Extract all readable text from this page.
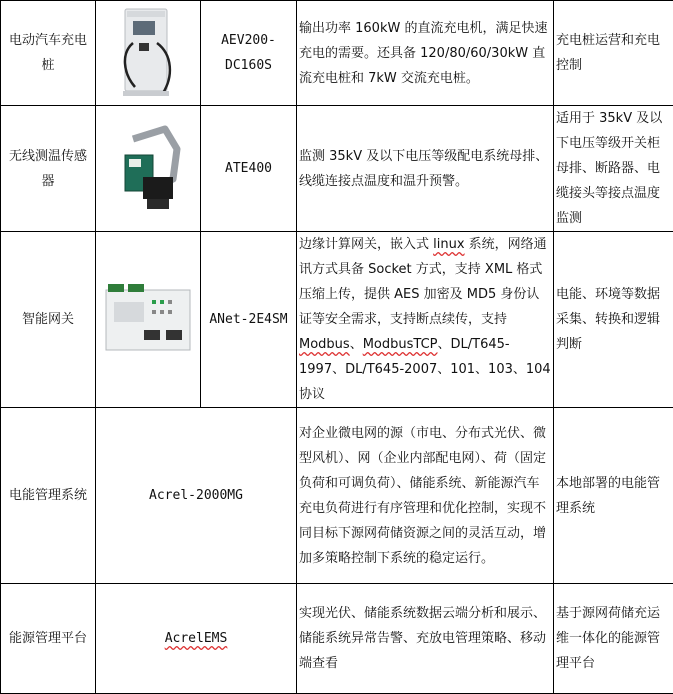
电动汽车充电桩		AEV200-DC160S	输出功率 160kW 的直流充电机，满足快速充电的需要。还具备 120/80/60/30kW 直流充电桩和 7kW 交流充电桩。	充电桩运营和充电控制
无线测温传感器		ATE400	监测 35kV 及以下电压等级配电系统母排、线缆连接点温度和温升预警。	适用于 35kV 及以下电压等级开关柜母排、断路器、电缆接头等接点温度监测
智能网关		ANet-2E4SM	边缘计算网关，嵌入式 linux 系统，网络通讯方式具备 Socket 方式，支持 XML 格式压缩上传，提供 AES 加密及 MD5 身份认证等安全需求，支持断点续传，支持 Modbus、ModbusTCP、DL/T645-1997、DL/T645-2007、101、103、104 协议	电能、环境等数据采集、转换和逻辑判断
电能管理系统	Acrel-2000MG		对企业微电网的源（市电、分布式光伏、微型风机）、网（企业内部配电网）、荷（固定负荷和可调负荷）、储能系统、新能源汽车充电负荷进行有序管理和优化控制，实现不同目标下源网荷储资源之间的灵活互动，增加多策略控制下系统的稳定运行。	本地部署的电能管理系统
能源管理平台	AcrelEMS		实现光伏、储能系统数据云端分析和展示、储能系统异常告警、充放电管理策略、移动端查看	基于源网荷储充运维一体化的能源管理平台
